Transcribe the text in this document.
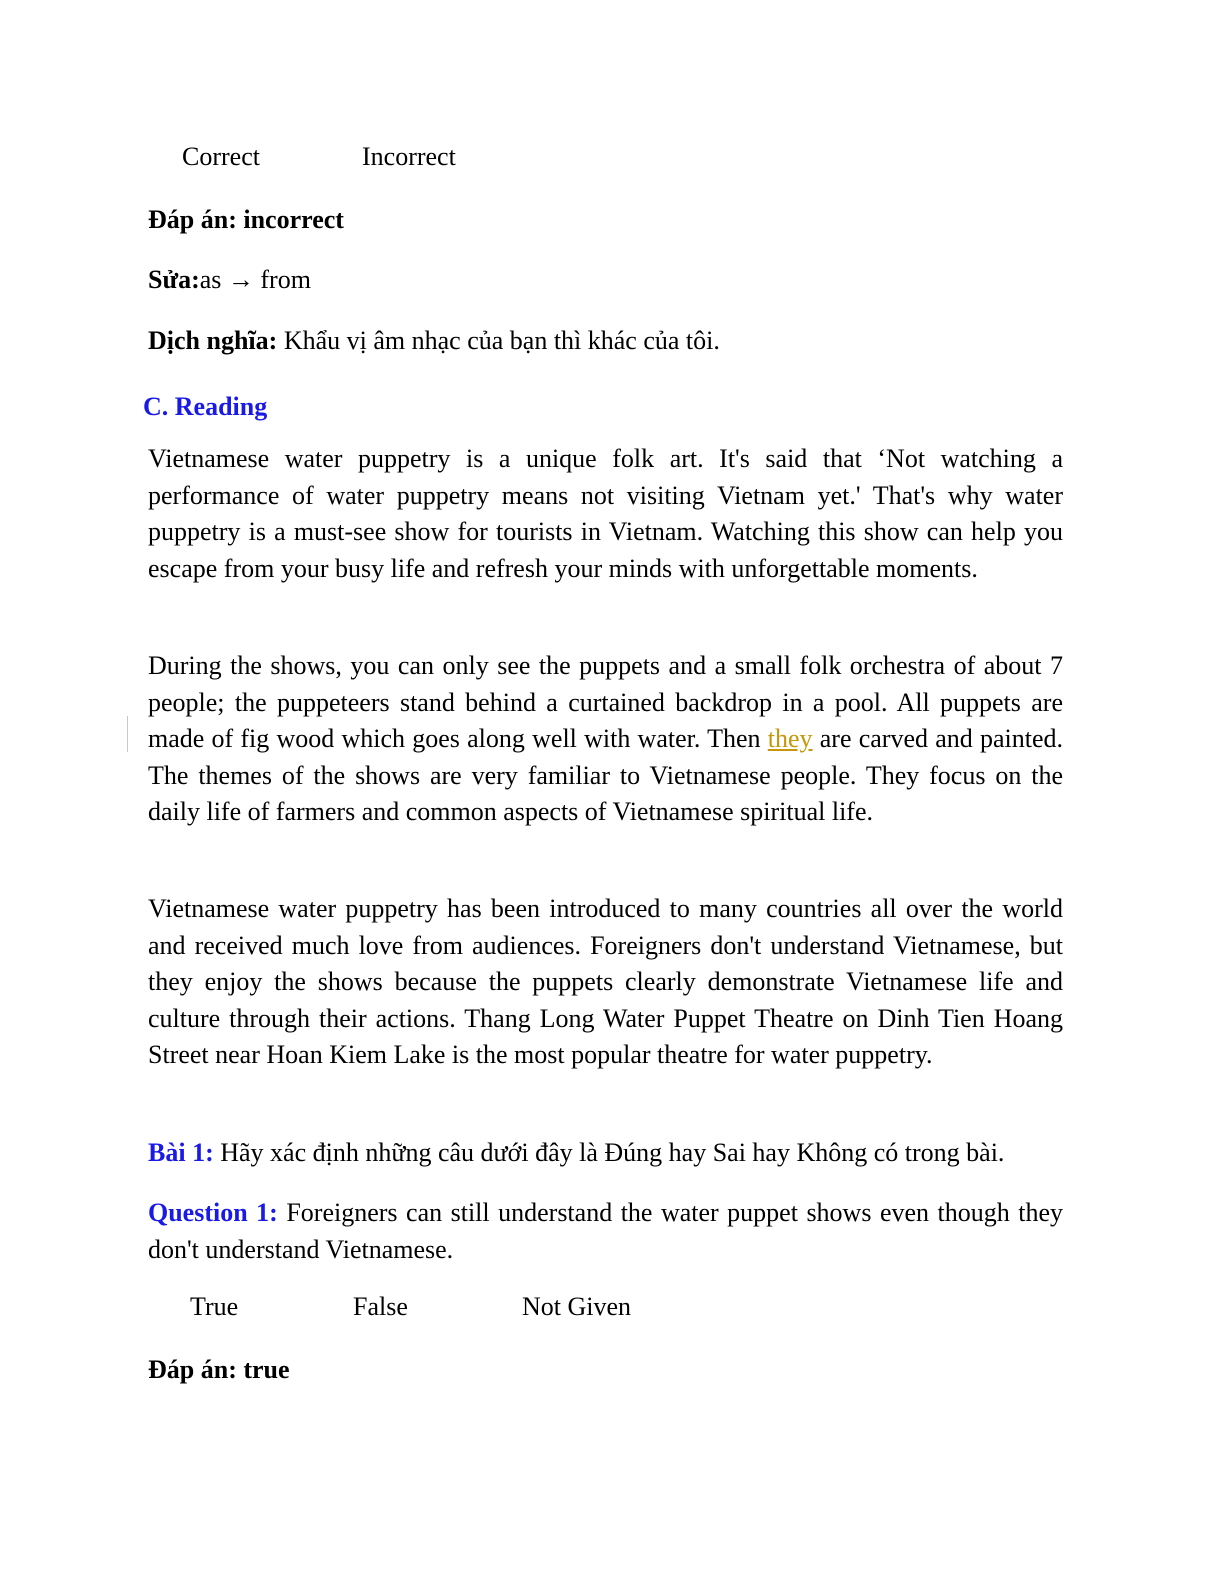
Correct	Incorrect
Đáp án: incorrect
Sửa:as → from
Dịch nghĩa: Khẩu vị âm nhạc của bạn thì khác của tôi.
C. Reading
Vietnamese water puppetry is a unique folk art. It's said that ‘Not watching a performance of water puppetry means not visiting Vietnam yet.' That's why water puppetry is a must-see show for tourists in Vietnam. Watching this show can help you escape from your busy life and refresh your minds with unforgettable moments.
During the shows, you can only see the puppets and a small folk orchestra of about 7 people; the puppeteers stand behind a curtained backdrop in a pool. All puppets are made of fig wood which goes along well with water. Then they are carved and painted. The themes of the shows are very familiar to Vietnamese people. They focus on the daily life of farmers and common aspects of Vietnamese spiritual life.
Vietnamese water puppetry has been introduced to many countries all over the world and received much love from audiences. Foreigners don't understand Vietnamese, but they enjoy the shows because the puppets clearly demonstrate Vietnamese life and culture through their actions. Thang Long Water Puppet Theatre on Dinh Tien Hoang Street near Hoan Kiem Lake is the most popular theatre for water puppetry.
Bài 1: Hãy xác định những câu dưới đây là Đúng hay Sai hay Không có trong bài.
Question 1: Foreigners can still understand the water puppet shows even though they don't understand Vietnamese.
True	False	Not Given
Đáp án: true
